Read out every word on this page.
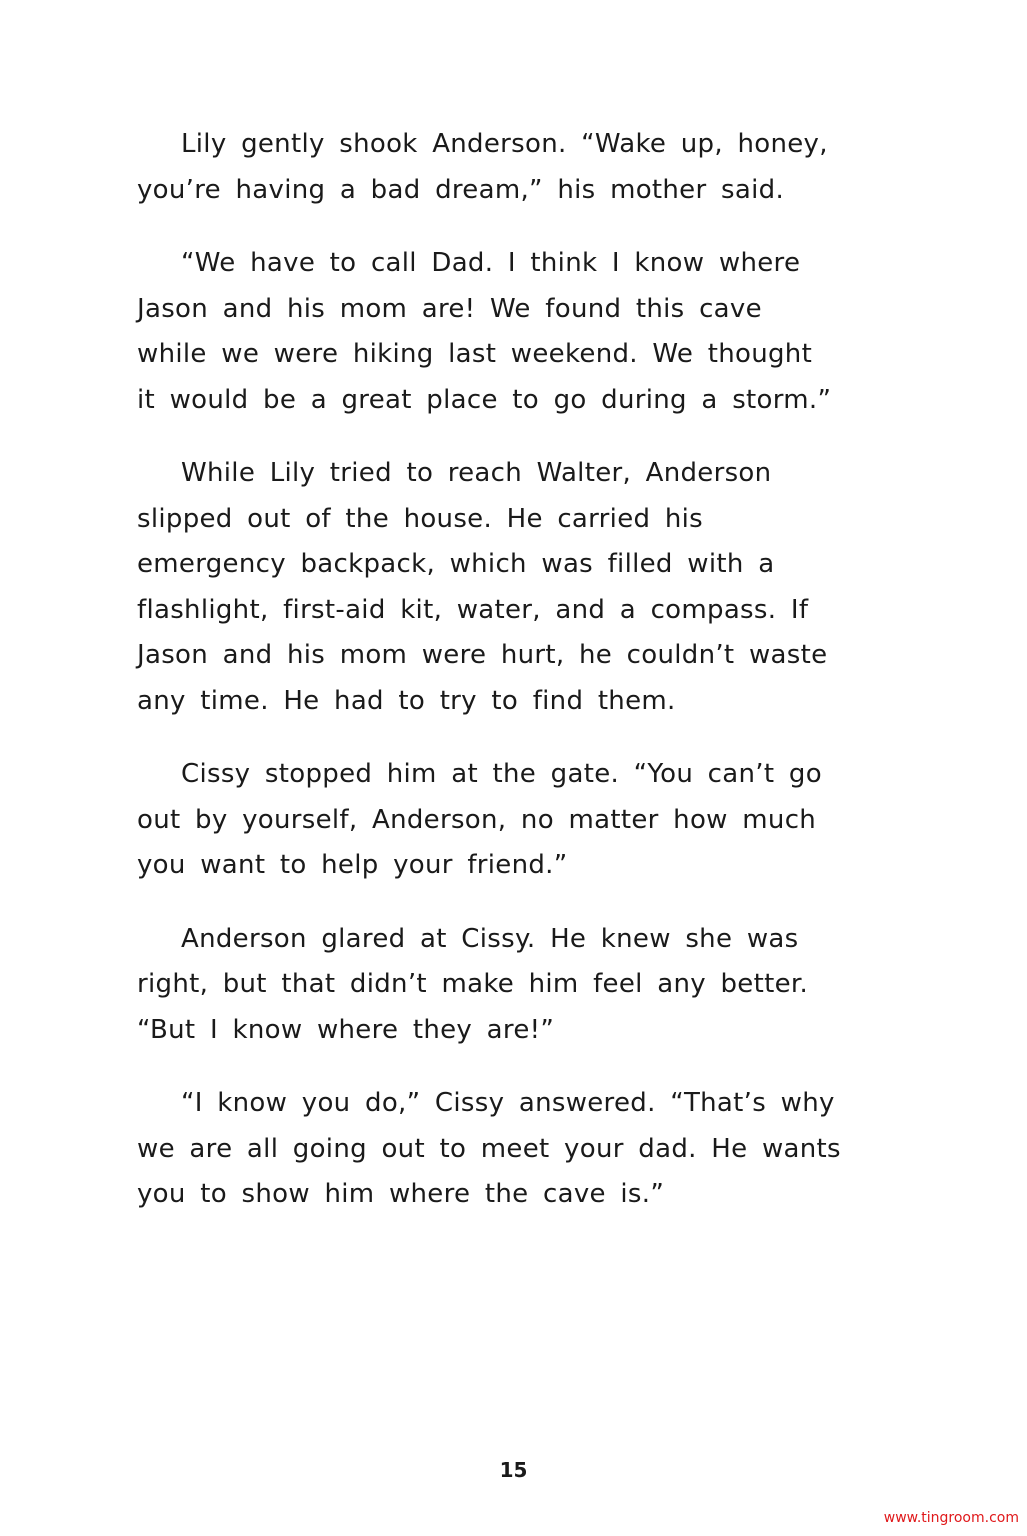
Lily gently shook Anderson. “Wake up, honey,
you’re having a bad dream,” his mother said.
“We have to call Dad. I think I know where
Jason and his mom are! We found this cave
while we were hiking last weekend. We thought
it would be a great place to go during a storm.”
While Lily tried to reach Walter, Anderson
slipped out of the house. He carried his
emergency backpack, which was filled with a
flashlight, first-aid kit, water, and a compass. If
Jason and his mom were hurt, he couldn’t waste
any time. He had to try to find them.
Cissy stopped him at the gate. “You can’t go
out by yourself, Anderson, no matter how much
you want to help your friend.”
Anderson glared at Cissy. He knew she was
right, but that didn’t make him feel any better.
“But I know where they are!”
“I know you do,” Cissy answered. “That’s why
we are all going out to meet your dad. He wants
you to show him where the cave is.”
15
www.tingroom.com
